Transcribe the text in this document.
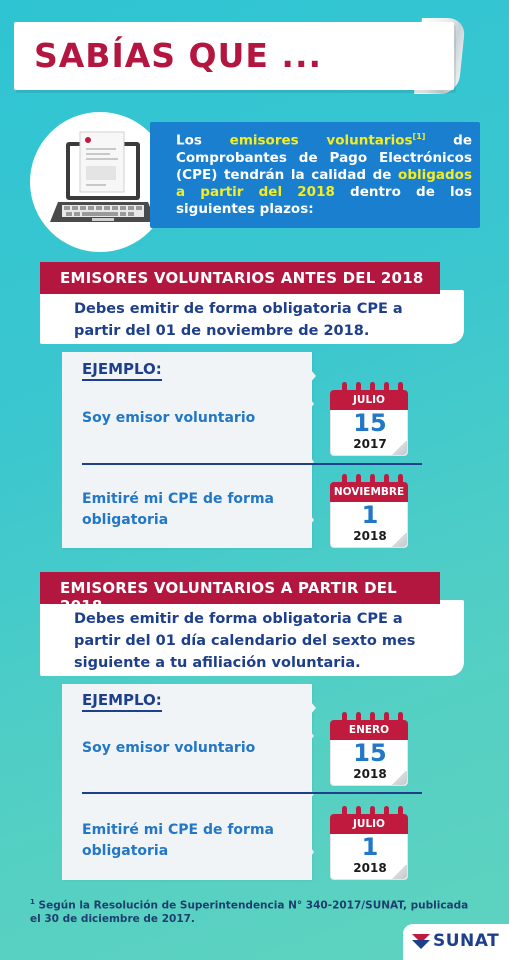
SABÍAS QUE ...
Los emisores voluntarios[1] de Comprobantes de Pago Electrónicos (CPE) tendrán la calidad de obligados a partir del 2018 dentro de los siguientes plazos:
Debes emitir de forma obligatoria CPE a partir del 01 de noviembre de 2018.
EMISORES VOLUNTARIOS ANTES DEL 2018
EJEMPLO:
Soy emisor voluntario
Emitiré mi CPE de forma obligatoria
JULIO
15
2017
NOVIEMBRE
1
2018
Debes emitir de forma obligatoria CPE a partir del 01 día calendario del sexto mes siguiente a tu afiliación voluntaria.
EMISORES VOLUNTARIOS A PARTIR DEL 2018
EJEMPLO:
Soy emisor voluntario
Emitiré mi CPE de forma obligatoria
ENERO
15
2018
JULIO
1
2018
$^1$ Según la Resolución de Superintendencia N° 340-2017/SUNAT, publicada el 30 de diciembre de 2017.
SUNAT
